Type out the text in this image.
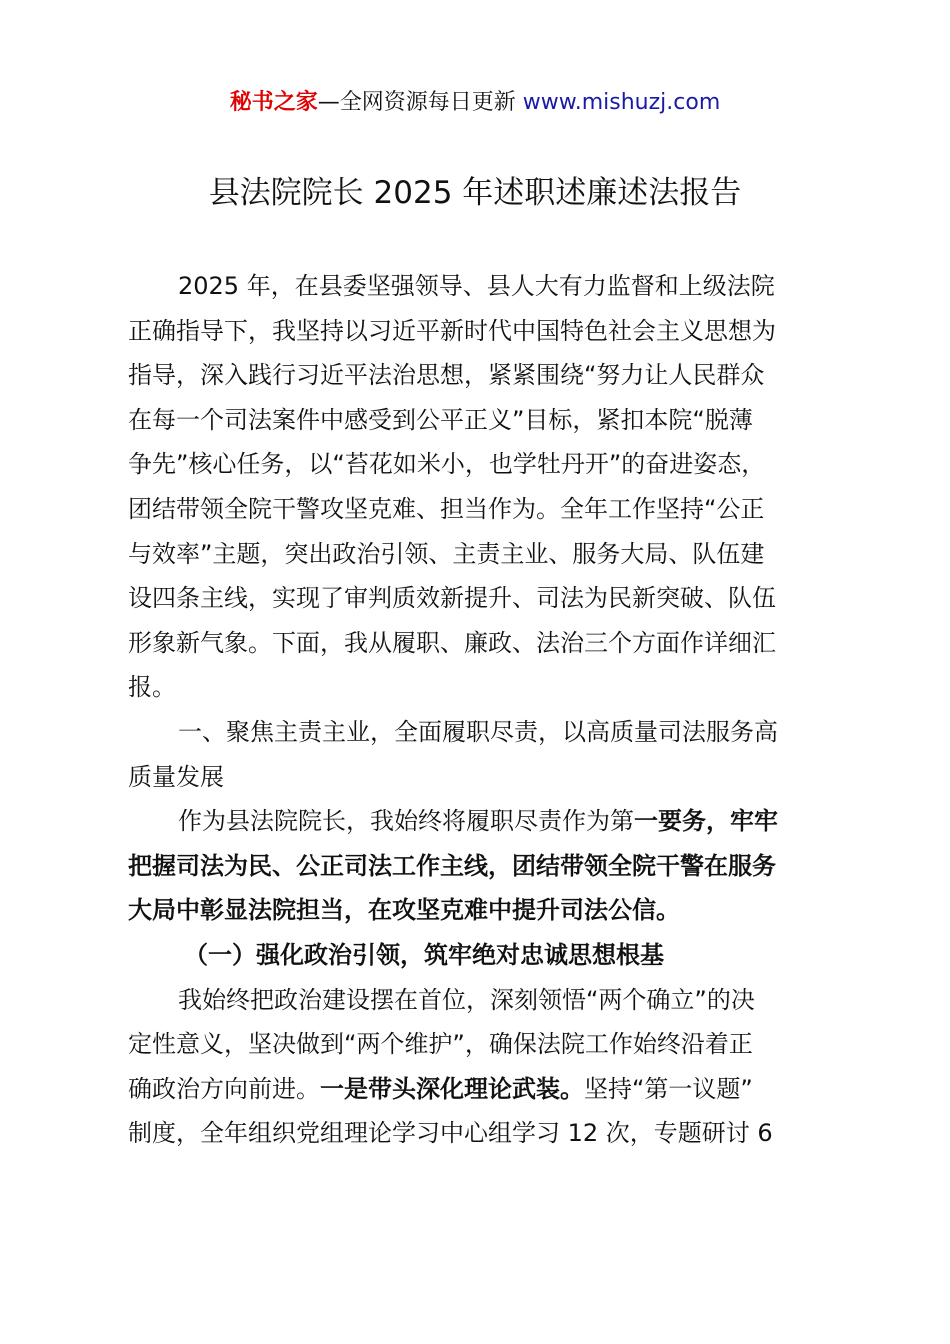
秘书之家—全网资源每日更新 www.mishuzj.com
县法院院长 2025 年述职述廉述法报告
2025 年，在县委坚强领导、县人大有力监督和上级法院
正确指导下，我坚持以习近平新时代中国特色社会主义思想为
指导，深入践行习近平法治思想，紧紧围绕“努力让人民群众
在每一个司法案件中感受到公平正义”目标，紧扣本院“脱薄
争先”核心任务，以“苔花如米小，也学牡丹开”的奋进姿态，
团结带领全院干警攻坚克难、担当作为。全年工作坚持“公正
与效率”主题，突出政治引领、主责主业、服务大局、队伍建
设四条主线，实现了审判质效新提升、司法为民新突破、队伍
形象新气象。下面，我从履职、廉政、法治三个方面作详细汇
报。
一、聚焦主责主业，全面履职尽责，以高质量司法服务高
质量发展
作为县法院院长，我始终将履职尽责作为第一要务，牢牢
把握司法为民、公正司法工作主线，团结带领全院干警在服务
大局中彰显法院担当，在攻坚克难中提升司法公信。
（一）强化政治引领，筑牢绝对忠诚思想根基
我始终把政治建设摆在首位，深刻领悟“两个确立”的决
定性意义，坚决做到“两个维护”，确保法院工作始终沿着正
确政治方向前进。一是带头深化理论武装。坚持“第一议题”
制度，全年组织党组理论学习中心组学习 12 次，专题研讨 6
